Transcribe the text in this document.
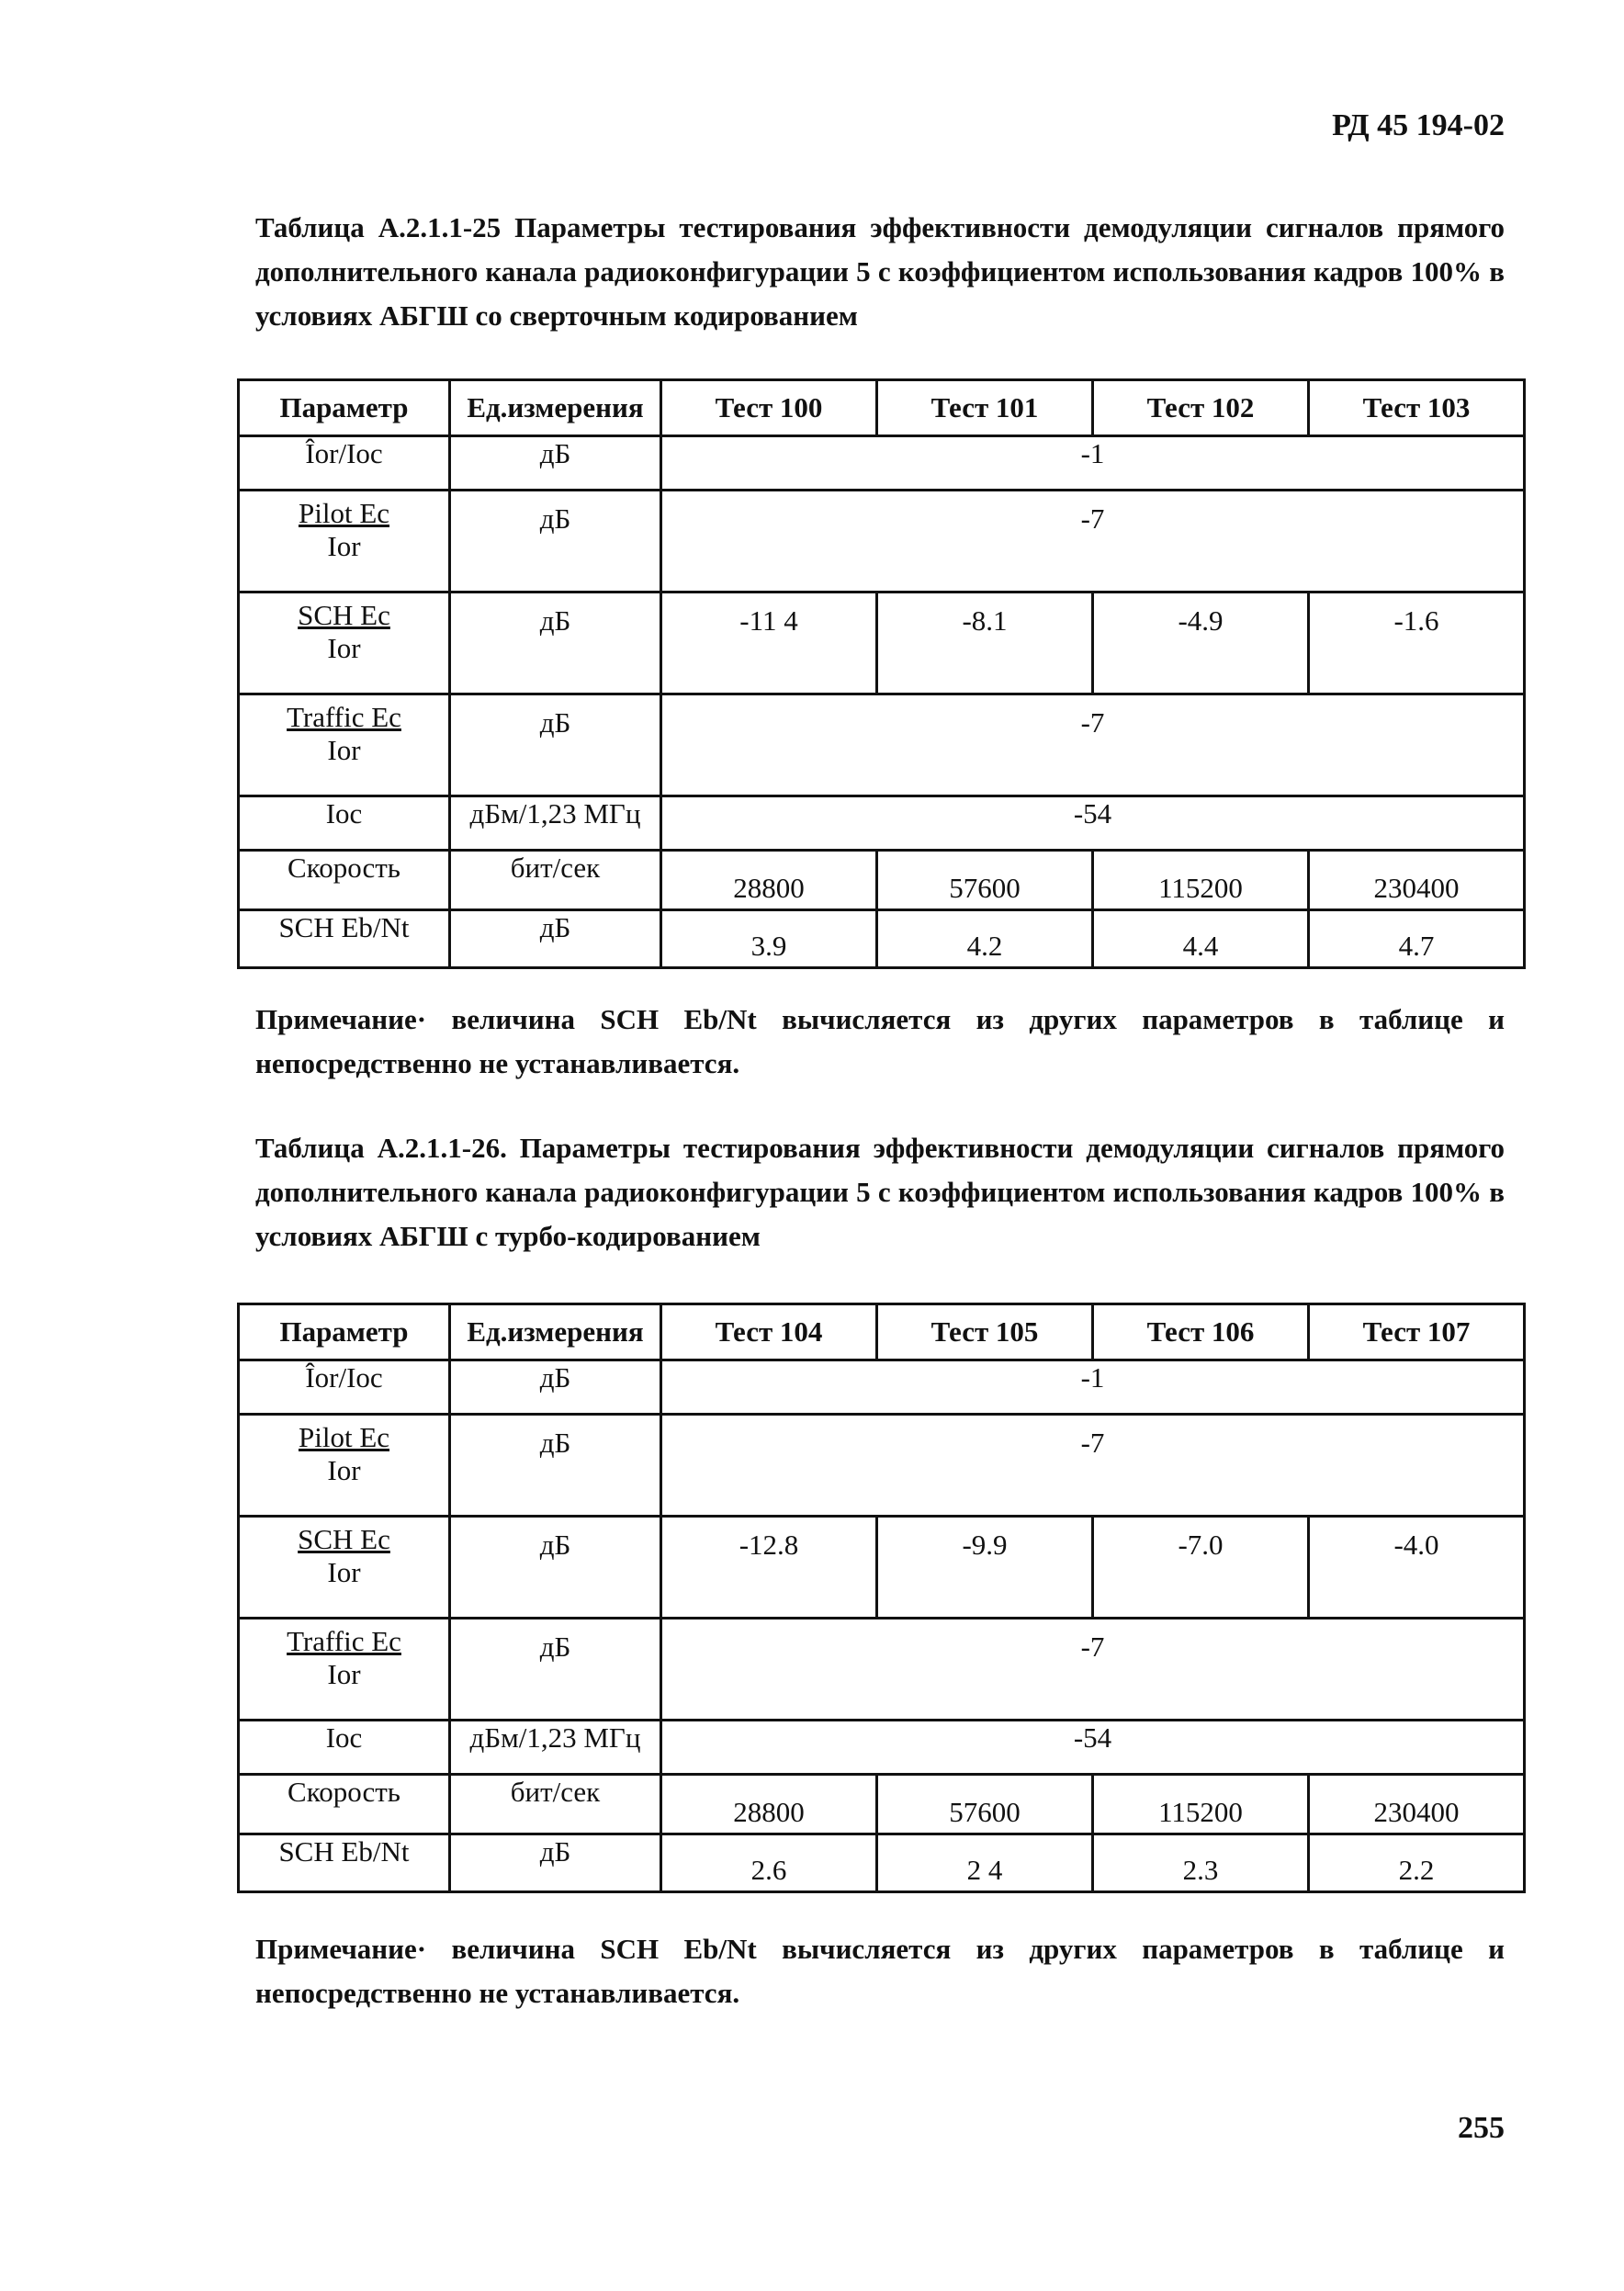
РД 45 194-02
Таблица А.2.1.1-25 Параметры тестирования эффективности демодуляции сигналов прямого дополнительного канала радиоконфигурации 5 с коэффициентом использования кадров 100% в условиях АБГШ со сверточным кодированием
Параметр	Ед.измерения	Тест 100	Тест 101	Тест 102	Тест 103
Îor/Ioc	дБ	-1			

Pilot Ec
Ior	дБ	-7			

SCH Ec
Ior	дБ	-11 4	-8.1	-4.9	-1.6

Traffic Ec
Ior	дБ	-7			
Ioc	дБм/1,23 МГц	-54			
Скорость	бит/сек	28800	57600	115200	230400
SCH Eb/Nt	дБ	3.9	4.2	4.4	4.7
Примечание· величина SCH Eb/Nt вычисляется из других параметров в таблице и непосредственно не устанавливается.
Таблица А.2.1.1-26. Параметры тестирования эффективности демодуляции сигналов прямого дополнительного канала радиоконфигурации 5 с коэффициентом использования кадров 100% в условиях АБГШ с турбо-кодированием
Параметр	Ед.измерения	Тест 104	Тест 105	Тест 106	Тест 107
Îor/Ioc	дБ	-1			

Pilot Ec
Ior	дБ	-7			

SCH Ec
Ior	дБ	-12.8	-9.9	-7.0	-4.0

Traffic Ec
Ior	дБ	-7			
Ioc	дБм/1,23 МГц	-54			
Скорость	бит/сек	28800	57600	115200	230400
SCH Eb/Nt	дБ	2.6	2 4	2.3	2.2
Примечание· величина SCH Eb/Nt вычисляется из других параметров в таблице и непосредственно не устанавливается.
255
